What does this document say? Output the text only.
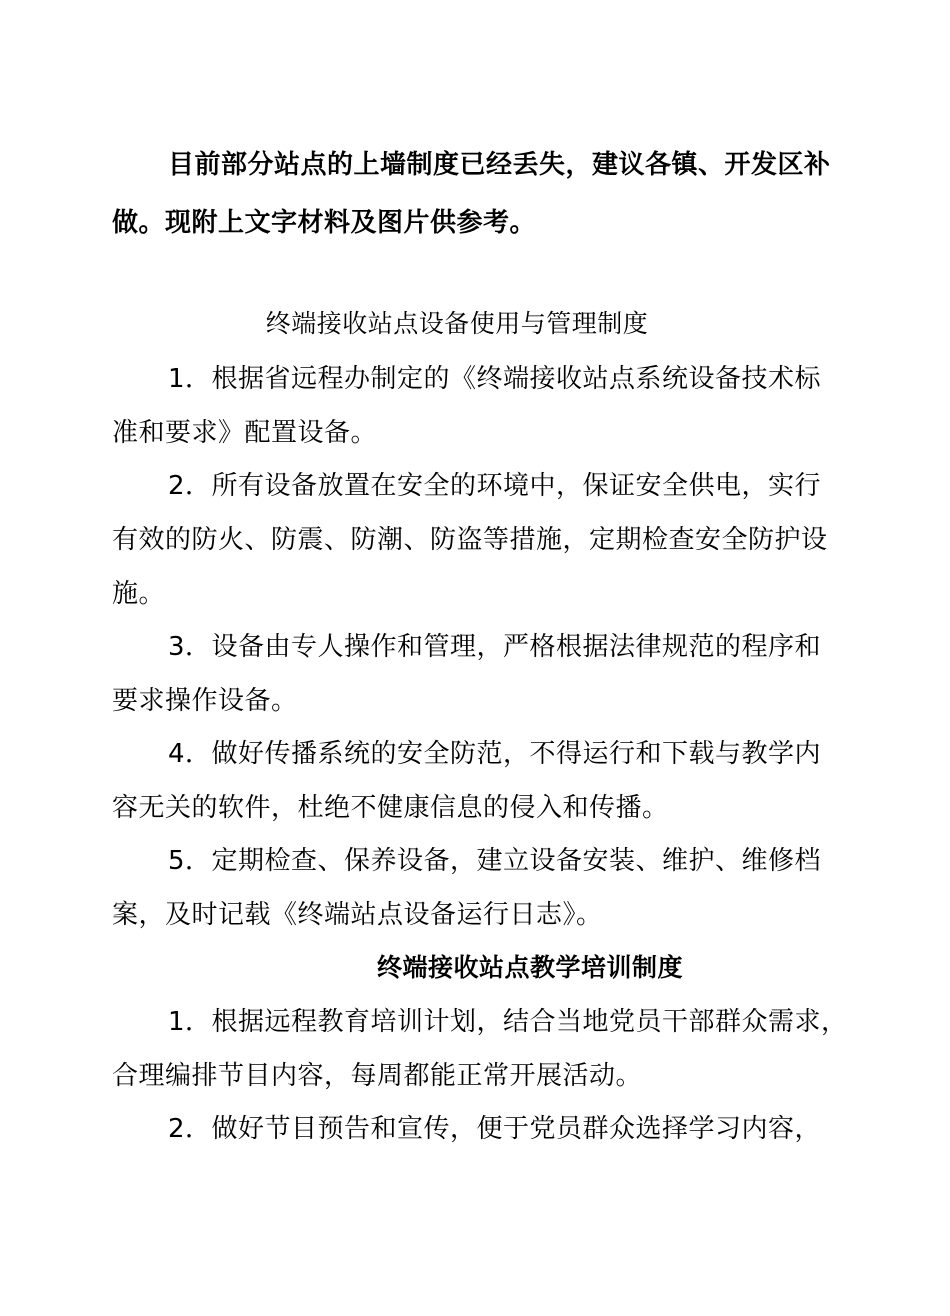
目前部分站点的上墙制度已经丢失，建议各镇、开发区补
做。现附上文字材料及图片供参考。
终端接收站点设备使用与管理制度
1．根据省远程办制定的《终端接收站点系统设备技术标
准和要求》配置设备。
2．所有设备放置在安全的环境中，保证安全供电，实行
有效的防火、防震、防潮、防盗等措施，定期检查安全防护设
施。
3．设备由专人操作和管理，严格根据法律规范的程序和
要求操作设备。
4．做好传播系统的安全防范，不得运行和下载与教学内
容无关的软件，杜绝不健康信息的侵入和传播。
5．定期检查、保养设备，建立设备安装、维护、维修档
案，及时记载《终端站点设备运行日志》。
终端接收站点教学培训制度
1．根据远程教育培训计划，结合当地党员干部群众需求，
合理编排节目内容，每周都能正常开展活动。
2．做好节目预告和宣传，便于党员群众选择学习内容，
